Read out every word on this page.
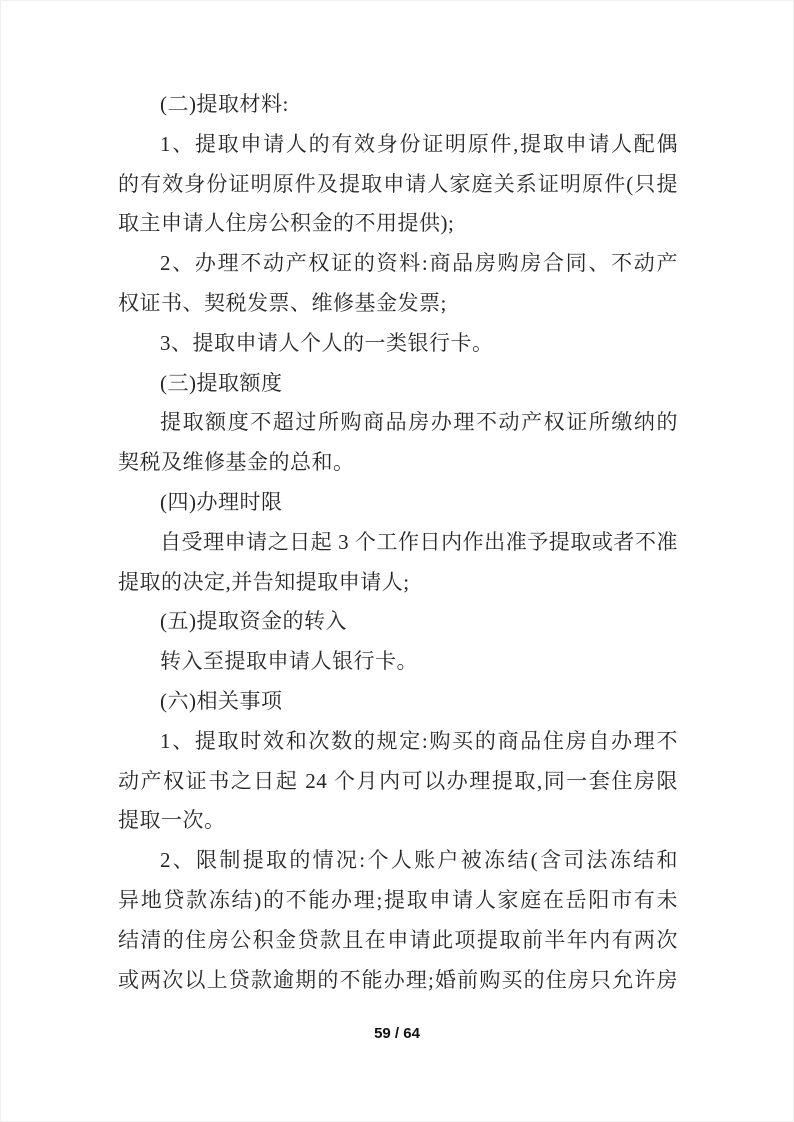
(二)提取材料:
1、提取申请人的有效身份证明原件,提取申请人配偶
的有效身份证明原件及提取申请人家庭关系证明原件(只提
取主申请人住房公积金的不用提供);
2、办理不动产权证的资料:商品房购房合同、不动产
权证书、契税发票、维修基金发票;
3、提取申请人个人的一类银行卡。
(三)提取额度
提取额度不超过所购商品房办理不动产权证所缴纳的
契税及维修基金的总和。
(四)办理时限
自受理申请之日起 3 个工作日内作出准予提取或者不准
提取的决定,并告知提取申请人;
(五)提取资金的转入
转入至提取申请人银行卡。
(六)相关事项
1、提取时效和次数的规定:购买的商品住房自办理不
动产权证书之日起 24 个月内可以办理提取,同一套住房限
提取一次。
2、限制提取的情况:个人账户被冻结(含司法冻结和
异地贷款冻结)的不能办理;提取申请人家庭在岳阳市有未
结清的住房公积金贷款且在申请此项提取前半年内有两次
或两次以上贷款逾期的不能办理;婚前购买的住房只允许房
59 / 64
